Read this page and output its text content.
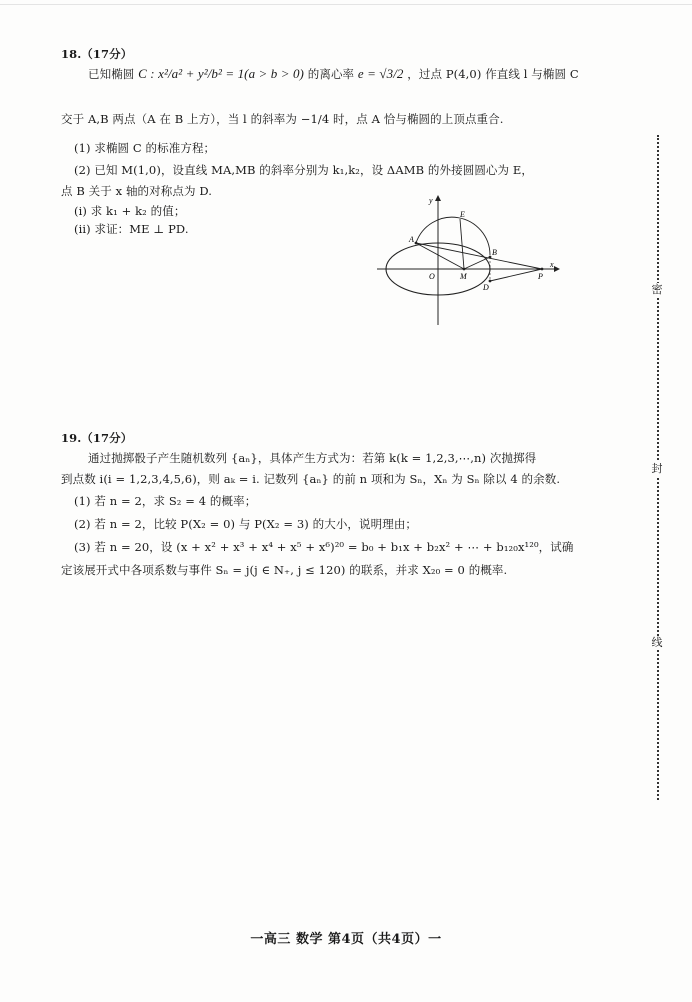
18.（17分）
已知椭圆 C : x²/a² + y²/b² = 1(a > b > 0) 的离心率 e = √3/2 ，过点 P(4,0) 作直线 l 与椭圆 C
交于 A,B 两点（A 在 B 上方），当 l 的斜率为 −1/4 时，点 A 恰与椭圆的上顶点重合.
(1) 求椭圆 C 的标准方程；
(2) 已知 M(1,0)，设直线 MA,MB 的斜率分别为 k₁,k₂，设 ΔAMB 的外接圆圆心为 E，
点 B 关于 x 轴的对称点为 D.
(i) 求 k₁ + k₂ 的值；
(ii) 求证：ME ⊥ PD.
y
x
E
A
B
O	M	P
D
19.（17分）
通过抛掷骰子产生随机数列 {aₙ}，具体产生方式为：若第 k(k = 1,2,3,⋯,n) 次抛掷得
到点数 i(i = 1,2,3,4,5,6)，则 aₖ = i. 记数列 {aₙ} 的前 n 项和为 Sₙ，Xₙ 为 Sₙ 除以 4 的余数.
(1) 若 n = 2，求 S₂ = 4 的概率；
(2) 若 n = 2，比较 P(X₂ = 0) 与 P(X₂ = 3) 的大小，说明理由；
(3) 若 n = 20，设 (x + x² + x³ + x⁴ + x⁵ + x⁶)²⁰ = b₀ + b₁x + b₂x² + ⋯ + b₁₂₀x¹²⁰，试确
定该展开式中各项系数与事件 Sₙ = j(j ∈ N₊, j ≤ 120) 的联系，并求 X₂₀ = 0 的概率.
密
封
线
一高三 数学 第4页（共4页）一
